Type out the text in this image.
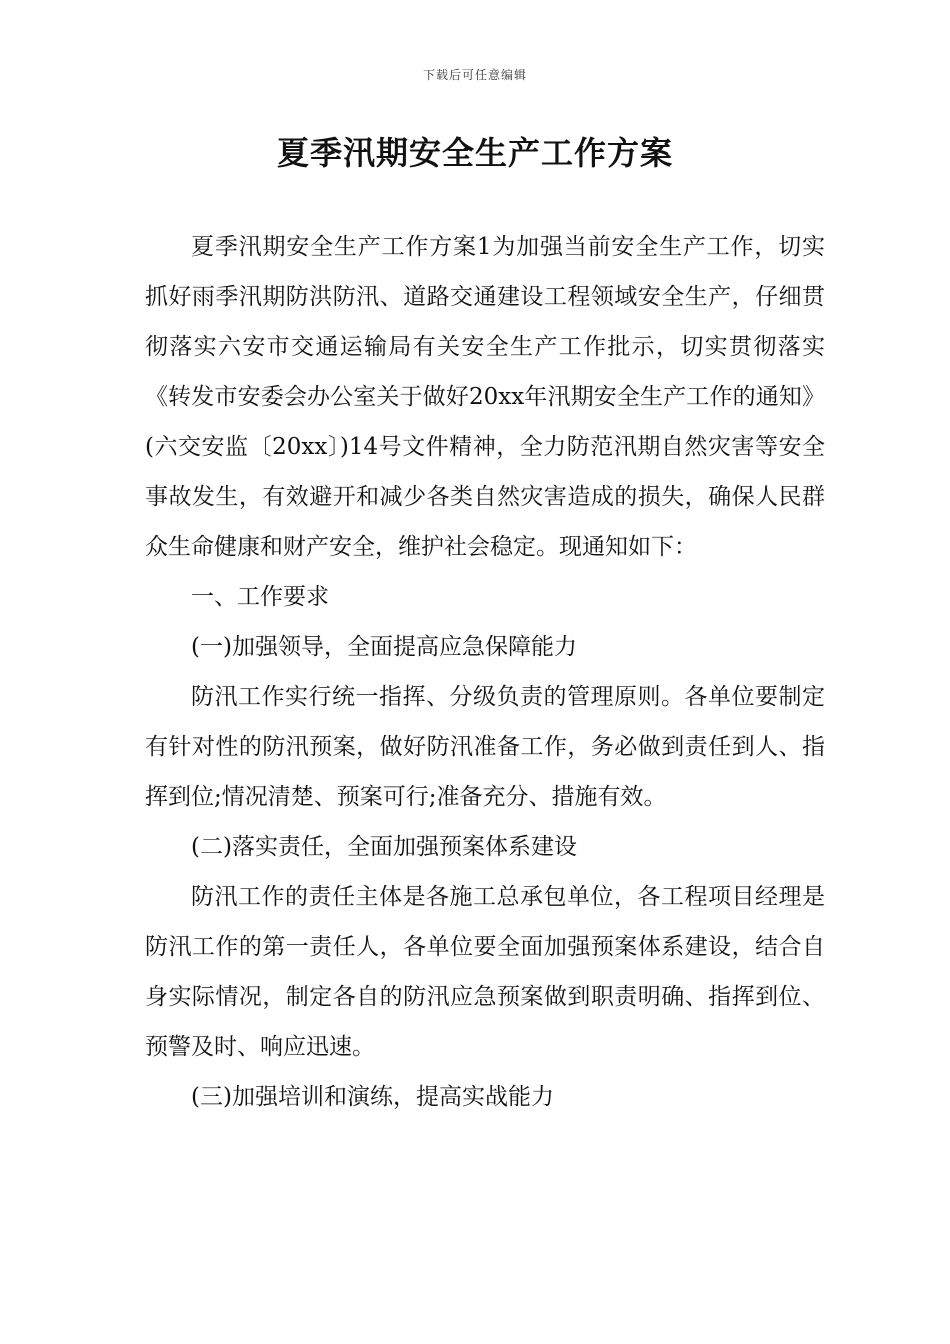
下载后可任意编辑
夏季汛期安全生产工作方案

夏季汛期安全生产工作方案1为加强当前安全生产工作，切实抓好雨季汛期防洪防汛、道路交通建设工程领域安全生产，仔细贯彻落实六安市交通运输局有关安全生产工作批示，切实贯彻落实《转发市安委会办公室关于做好20xx年汛期安全生产工作的通知》(六交安监〔20xx〕)14号文件精神，全力防范汛期自然灾害等安全事故发生，有效避开和减少各类自然灾害造成的损失，确保人民群众生命健康和财产安全，维护社会稳定。现通知如下：

一、工作要求

(一)加强领导，全面提高应急保障能力

防汛工作实行统一指挥、分级负责的管理原则。各单位要制定有针对性的防汛预案，做好防汛准备工作，务必做到责任到人、指挥到位;情况清楚、预案可行;准备充分、措施有效。

(二)落实责任，全面加强预案体系建设

防汛工作的责任主体是各施工总承包单位，各工程项目经理是防汛工作的第一责任人，各单位要全面加强预案体系建设，结合自身实际情况，制定各自的防汛应急预案做到职责明确、指挥到位、预警及时、响应迅速。

(三)加强培训和演练，提高实战能力
